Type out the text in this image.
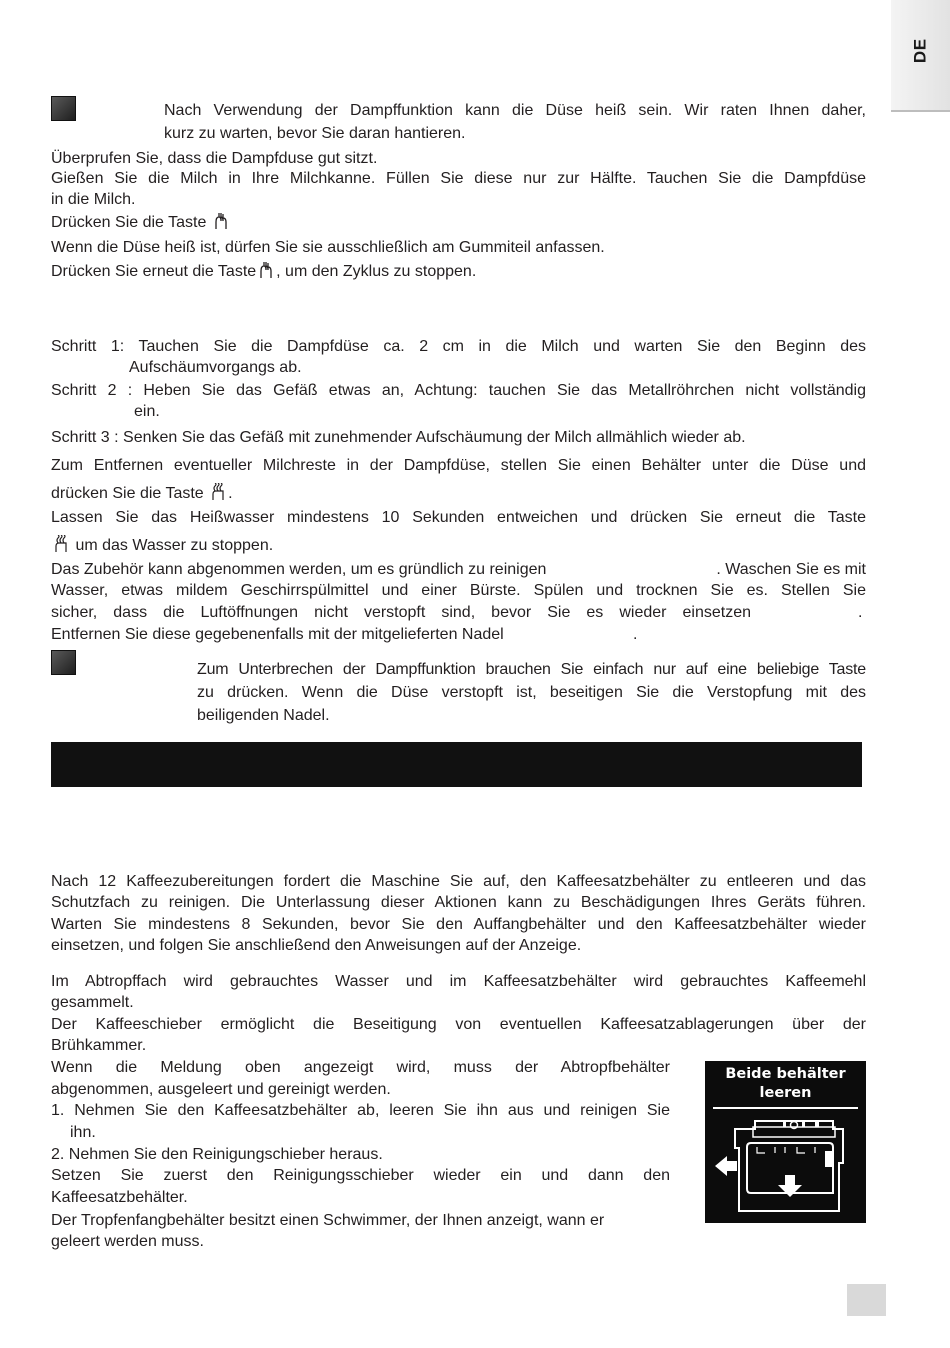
DE
Nach Verwendung der Dampffunktion kann die Düse heiß sein. Wir raten Ihnen daher,
kurz zu warten, bevor Sie daran hantieren.
Überprufen Sie, dass die Dampfduse gut sitzt.
Gießen Sie die Milch in Ihre Milchkanne. Füllen Sie diese nur zur Hälfte. Tauchen Sie die Dampfdüse
in die Milch.
Drücken Sie die Taste
Wenn die Düse heiß ist, dürfen Sie sie ausschließlich am Gummiteil anfassen.
Drücken Sie erneut die Taste , um den Zyklus zu stoppen.
Schritt 1: Tauchen Sie die Dampfdüse ca. 2 cm in die Milch und warten Sie den Beginn des
Aufschäumvorgangs ab.
Schritt 2 : Heben Sie das Gefäß etwas an, Achtung: tauchen Sie das Metallröhrchen nicht vollständig
ein.
Schritt 3 : Senken Sie das Gefäß mit zunehmender Aufschäumung der Milch allmählich wieder ab.
Zum Entfernen eventueller Milchreste in der Dampfdüse, stellen Sie einen Behälter unter die Düse und
drücken Sie die Taste .
Lassen Sie das Heißwasser mindestens 10 Sekunden entweichen und drücken Sie erneut die Taste
um das Wasser zu stoppen.
Das Zubehör kann abgenommen werden, um es gründlich zu reinigen	. Waschen Sie es mit
Wasser, etwas mildem Geschirrspülmittel und einer Bürste. Spülen und trocknen Sie es. Stellen Sie
sicher, dass die Luftöffnungen nicht verstopft sind, bevor Sie es wieder einsetzen	.
Entfernen Sie diese gegebenenfalls mit der mitgelieferten Nadel	.
Zum Unterbrechen der Dampffunktion brauchen Sie einfach nur auf eine beliebige Taste
zu drücken. Wenn die Düse verstopft ist, beseitigen Sie die Verstopfung mit des
beiligenden Nadel.
Nach 12 Kaffeezubereitungen fordert die Maschine Sie auf, den Kaffeesatzbehälter zu entleeren und das
Schutzfach zu reinigen. Die Unterlassung dieser Aktionen kann zu Beschädigungen Ihres Geräts führen.
Warten Sie mindestens 8 Sekunden, bevor Sie den Auffangbehälter und den Kaffeesatzbehälter wieder
einsetzen, und folgen Sie anschließend den Anweisungen auf der Anzeige.
Im Abtropffach wird gebrauchtes Wasser und im Kaffeesatzbehälter wird gebrauchtes Kaffeemehl
gesammelt.
Der Kaffeeschieber ermöglicht die Beseitigung von eventuellen Kaffeesatzablagerungen über der
Brühkammer.
Wenn die Meldung oben angezeigt wird, muss der Abtropfbehälter
abgenommen, ausgeleert und gereinigt werden.
1. Nehmen Sie den Kaffeesatzbehälter ab, leeren Sie ihn aus und reinigen Sie
ihn.
2. Nehmen Sie den Reinigungschieber heraus.
Setzen Sie zuerst den Reinigungsschieber wieder ein und dann den
Kaffeesatzbehälter.
Der Tropfenfangbehälter besitzt einen Schwimmer, der Ihnen anzeigt, wann er
geleert werden muss.
Beide behälter
leeren
